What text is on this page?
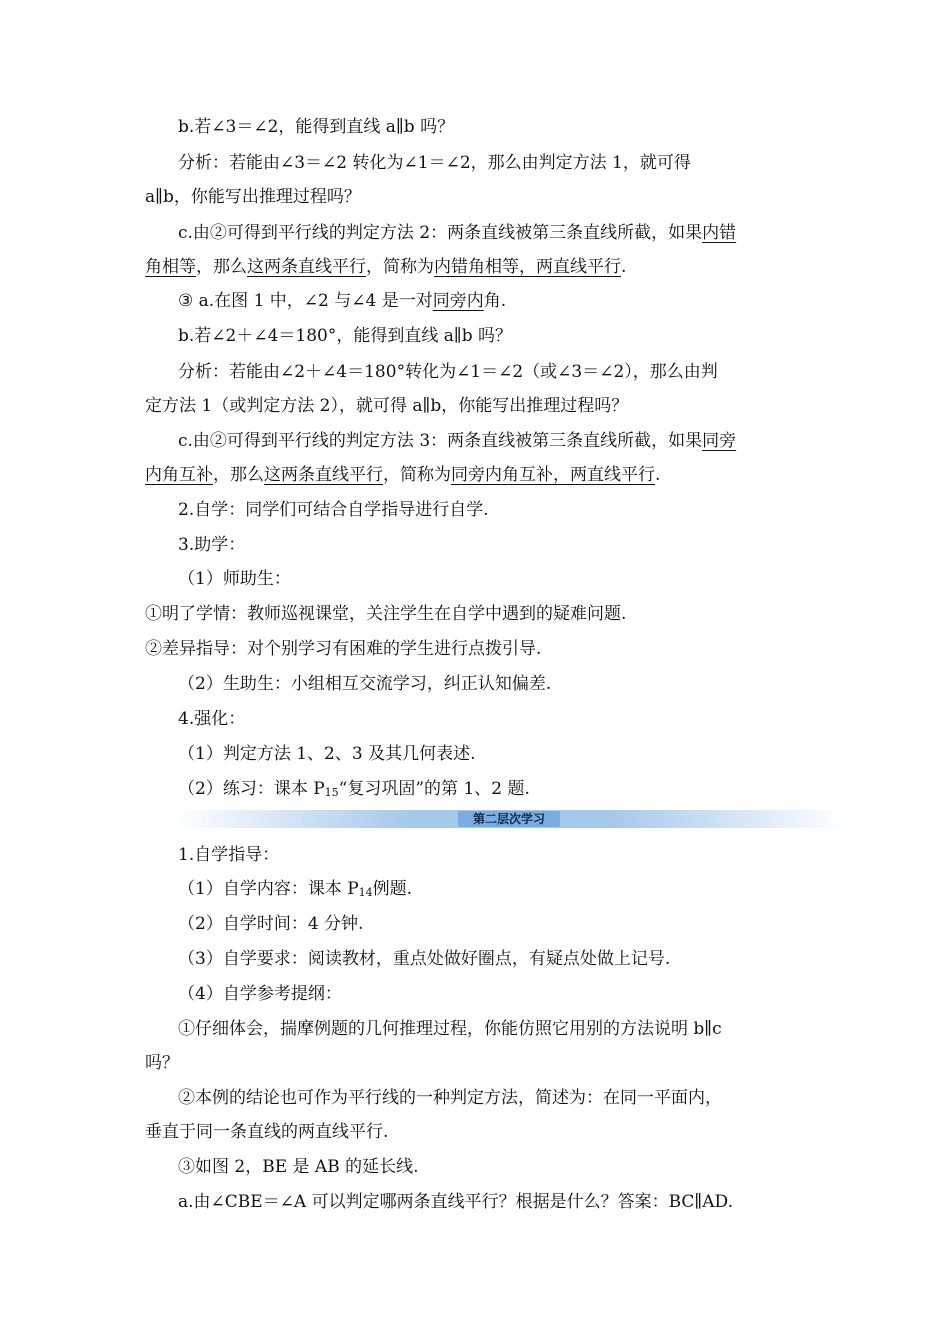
b.若∠3＝∠2，能得到直线 a∥b 吗？
分析：若能由∠3＝∠2 转化为∠1＝∠2，那么由判定方法 1，就可得
a∥b，你能写出推理过程吗？
c.由②可得到平行线的判定方法 2：两条直线被第三条直线所截，如果内错
角相等，那么这两条直线平行，简称为内错角相等，两直线平行.
③ a.在图 1 中，∠2 与∠4 是一对同旁内角.
b.若∠2＋∠4＝180°，能得到直线 a∥b 吗？
分析：若能由∠2＋∠4＝180°转化为∠1＝∠2（或∠3＝∠2），那么由判
定方法 1（或判定方法 2），就可得 a∥b，你能写出推理过程吗？
c.由②可得到平行线的判定方法 3：两条直线被第三条直线所截，如果同旁
内角互补，那么这两条直线平行，简称为同旁内角互补，两直线平行.
2.自学：同学们可结合自学指导进行自学.
3.助学：
（1）师助生：
①明了学情：教师巡视课堂，关注学生在自学中遇到的疑难问题.
②差异指导：对个别学习有困难的学生进行点拨引导.
（2）生助生：小组相互交流学习，纠正认知偏差.
4.强化：
（1）判定方法 1、2、3 及其几何表述.
（2）练习：课本 P15“复习巩固”的第 1、2 题.
第二层次学习
1.自学指导：
（1）自学内容：课本 P14例题.
（2）自学时间：4 分钟.
（3）自学要求：阅读教材，重点处做好圈点，有疑点处做上记号.
（4）自学参考提纲：
①仔细体会，揣摩例题的几何推理过程，你能仿照它用别的方法说明 b∥c
吗？
②本例的结论也可作为平行线的一种判定方法，简述为：在同一平面内，
垂直于同一条直线的两直线平行.
③如图 2，BE 是 AB 的延长线.
a.由∠CBE＝∠A 可以判定哪两条直线平行？根据是什么？答案：BC∥AD.
